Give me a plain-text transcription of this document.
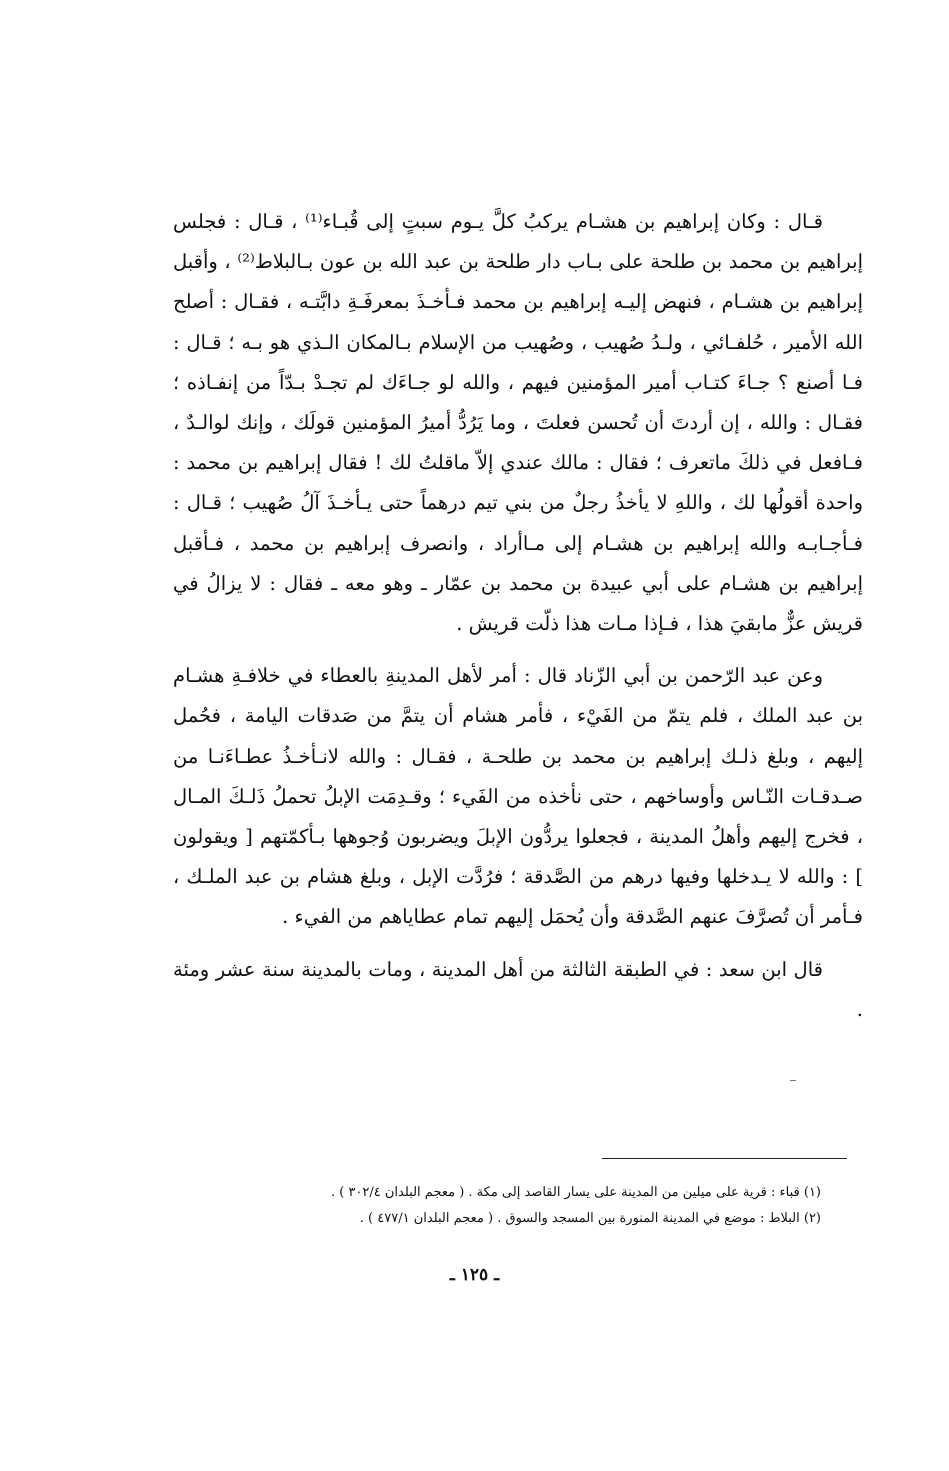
قـال : وكان إبراهيم بن هشـام يركبُ كلَّ يـوم سبتٍ إلى قُبـاء⁽¹⁾ ، قـال : فجلس إبراهيم بن محمد بن طلحة على بـاب دار طلحة بن عبد الله بن عون بـالبلاط⁽²⁾ ، وأقبل إبراهيم بن هشـام ، فنهض إليـه إبراهيم بن محمد فـأخـذَ بمعرفَـةِ دابَّتـه ، فقـال : أصلح الله الأمير ، حُلفـائي ، ولـدُ صُهيب ، وصُهيب من الإسلام بـالمكان الـذي هو بـه ؛ قـال : فـا أصنع ؟ جـاءَ كتـاب أمير المؤمنين فيهم ، والله لو جـاءَك لم تجـدْ بـدّاً من إنفـاذه ؛ فقـال : والله ، إن أردتَ أن تُحسن فعلتَ ، وما يَرُدُّ أميرُ المؤمنين قولَك ، وإنك لوالـدٌ ، فـافعل في ذلكَ ماتعرف ؛ فقال : مالك عندي إلاّ ماقلتُ لك ! فقال إبراهيم بن محمد : واحدة أقولُها لك ، واللهِ لا يأخذُ رجلٌ من بني تيم درهماً حتى يـأخـذَ آلُ صُهيب ؛ قـال : فـأجـابـه والله إبراهيم بن هشـام إلى مـاأراد ، وانصرف إبراهيم بن محمد ، فـأقبل إبراهيم بن هشـام على أبي عبيدة بن محمد بن عمّار ـ وهو معه ـ فقال : لا يزالُ في قريش عزٌّ مابقيَ هذا ، فـإذا مـات هذا ذلّت قريش .

وعن عبد الرّحمن بن أبي الزّناد قال : أمر لأهل المدينةِ بالعطاء في خلافـةِ هشـام بن عبد الملك ، فلم يتمّ من الفَيْء ، فأمر هشام أن يتمَّ من صَدقات اليامة ، فحُمل إليهم ، وبلغ ذلـك إبراهيم بن محمد بن طلحـة ، فقـال : والله لانـأخـذُ عطـاءَنـا من صـدقـات النّـاس وأوساخهم ، حتى نأخذه من الفَيء ؛ وقـدِمَت الإبلُ تحملُ ذَلـكَ المـال ، فخرج إليهم وأهلُ المدينة ، فجعلوا يردُّون الإبلَ ويضربون وُجوهها بـأكمّتهم [ ويقولون ] : والله لا يـدخلها وفيها درهم من الصَّدقة ؛ فرُدَّت الإبل ، وبلغ هشام بن عبد الملـك ، فـأمر أن تُصرَّفَ عنهم الصَّدقة وأن يُحمَل إليهم تمام عطاياهم من الفيء .

قال ابن سعد : في الطبقة الثالثة من أهل المدينة ، ومات بالمدينة سنة عشر ومئة .

(١) قباء : قرية على ميلين من المدينة على يسار القاصد إلى مكة . ( معجم البلدان ٣٠٢/٤ ) .

(٢) البلاط : موضع في المدينة المنورة بين المسجد والسوق . ( معجم البلدان ٤٧٧/١ ) .

ـ ١٢٥ ـ
